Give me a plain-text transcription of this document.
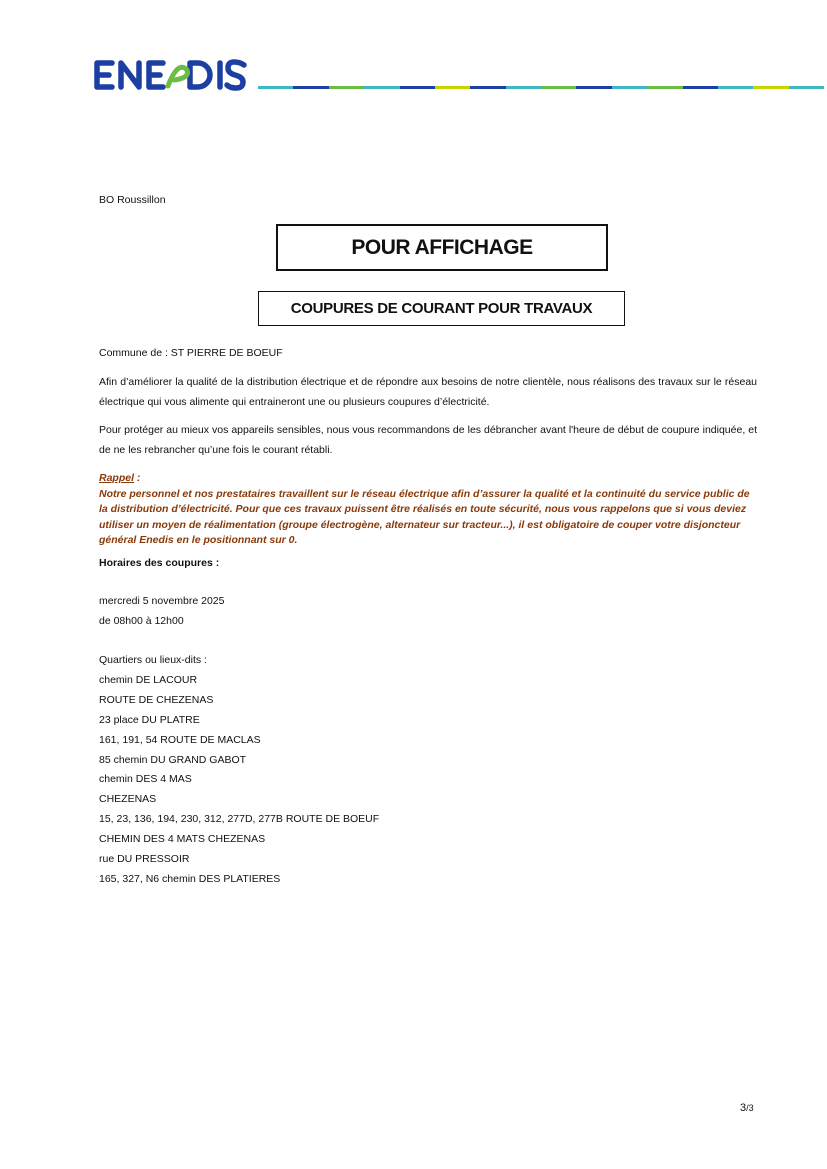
BO Roussillon

POUR AFFICHAGE
COUPURES DE COURANT POUR TRAVAUX

Commune de : ST PIERRE DE BOEUF

Afin d’améliorer la qualité de la distribution électrique et de répondre aux besoins de notre clientèle, nous réalisons des travaux sur le réseau électrique qui vous alimente qui entraineront une ou plusieurs coupures d’électricité.

Pour protéger au mieux vos appareils sensibles, nous vous recommandons de les débrancher avant l'heure de début de coupure indiquée, et de ne les rebrancher qu’une fois le courant rétabli.

Rappel :
Notre personnel et nos prestataires travaillent sur le réseau électrique afin d’assurer la qualité et la continuité du service public de la distribution d’électricité. Pour que ces travaux puissent être réalisés en toute sécurité, nous vous rappelons que si vous deviez utiliser un moyen de réalimentation (groupe électrogène, alternateur sur tracteur...), il est obligatoire de couper votre disjoncteur général Enedis en le positionnant sur 0.

Horaires des coupures :

mercredi 5 novembre 2025

de 08h00 à 12h00

Quartiers ou lieux-dits :
chemin DE LACOUR
ROUTE DE CHEZENAS
23 place DU PLATRE
161, 191, 54 ROUTE DE MACLAS
85 chemin DU GRAND GABOT
chemin DES 4 MAS
CHEZENAS
15, 23, 136, 194, 230, 312, 277D, 277B ROUTE DE BOEUF
CHEMIN DES 4 MATS CHEZENAS
rue DU PRESSOIR
165, 327, N6 chemin DES PLATIERES
3/3
